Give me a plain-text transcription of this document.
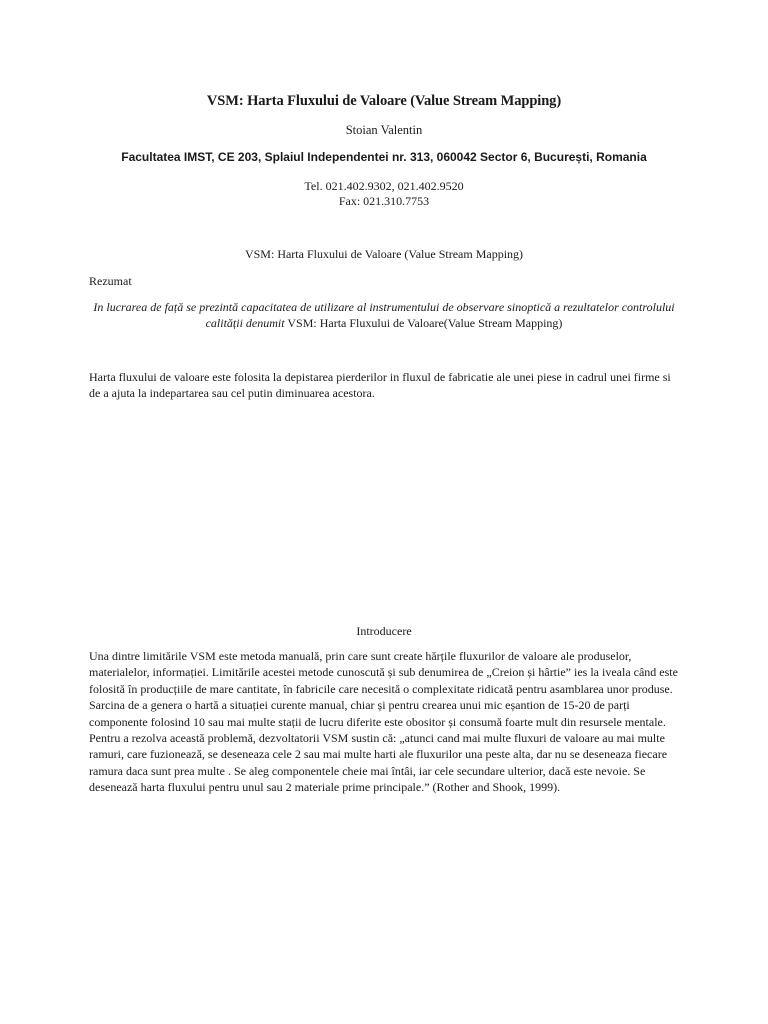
VSM: Harta Fluxului de Valoare (Value Stream Mapping)
Stoian Valentin
Facultatea IMST, CE 203, Splaiul Independentei nr. 313, 060042 Sector 6, București, Romania
Tel. 021.402.9302, 021.402.9520
Fax: 021.310.7753
VSM: Harta Fluxului de Valoare (Value Stream Mapping)
Rezumat
In lucrarea de față se prezintă capacitatea de utilizare al instrumentului de observare sinoptică a rezultatelor controlului calității denumit VSM: Harta Fluxului de Valoare(Value Stream Mapping)
Harta fluxului de valoare este folosita la depistarea pierderilor in fluxul de fabricatie ale unei piese in cadrul unei firme si de a ajuta la indepartarea sau cel putin diminuarea acestora.
Introducere
Una dintre limitările VSM este metoda manuală, prin care sunt create hărțile fluxurilor de valoare ale produselor, materialelor, informației. Limitările acestei metode cunoscută și sub denumirea de „Creion și hârtie” ies la iveala când este folosită în producțiile de mare cantitate, în fabricile care necesită o complexitate ridicată pentru asamblarea unor produse. Sarcina de a genera o hartă a situației curente manual, chiar și pentru crearea unui mic eșantion de 15-20 de parți componente folosind 10 sau mai multe stații de lucru diferite este obositor și consumă foarte mult din resursele mentale. Pentru a rezolva această problemă, dezvoltatorii VSM sustin că: „atunci cand mai multe fluxuri de valoare au mai multe ramuri, care fuzionează, se deseneaza cele 2 sau mai multe harti ale fluxurilor una peste alta, dar nu se deseneaza fiecare ramura daca sunt prea multe . Se aleg componentele cheie mai întâi, iar cele secundare ulterior, dacă este nevoie. Se desenează harta fluxului pentru unul sau 2 materiale prime principale.” (Rother and Shook, 1999).
